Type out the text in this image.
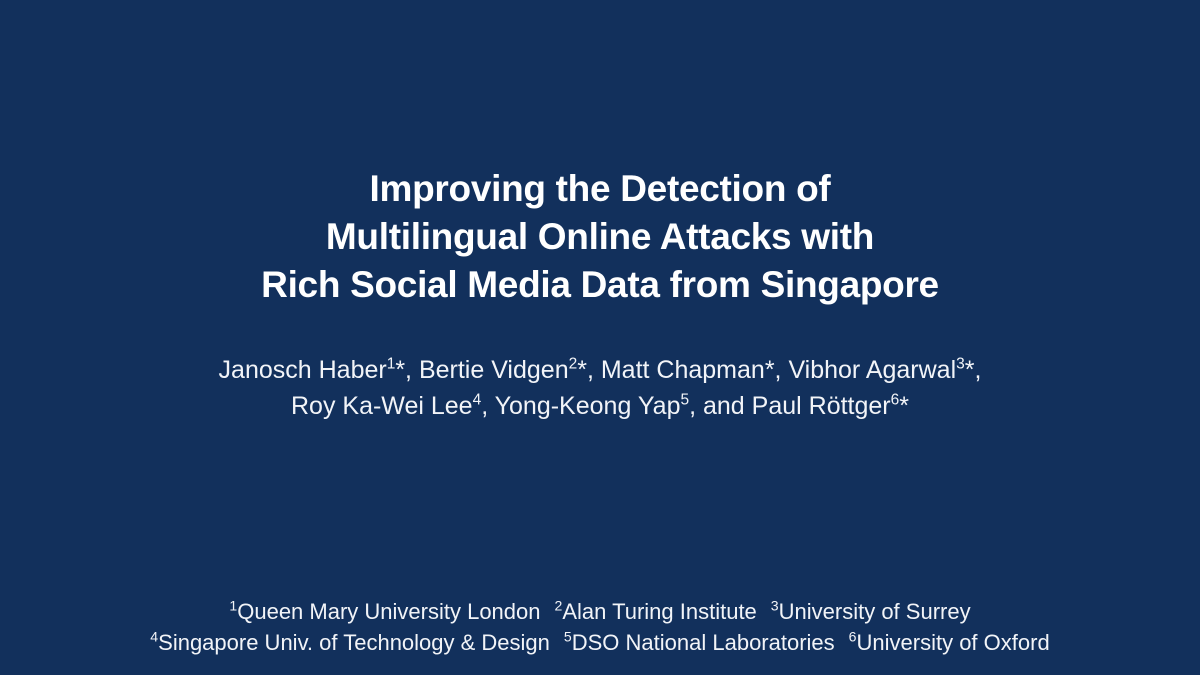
Improving the Detection of
Multilingual Online Attacks with
Rich Social Media Data from Singapore
Janosch Haber$^1$*, Bertie Vidgen$^2$*, Matt Chapman*, Vibhor Agarwal$^3$*,
Roy Ka-Wei Lee$^4$, Yong-Keong Yap$^5$, and Paul Röttger$^6$*
$^1$Queen Mary University London $^2$Alan Turing Institute $^3$University of Surrey
$^4$Singapore Univ. of Technology & Design $^5$DSO National Laboratories $^6$University of Oxford
